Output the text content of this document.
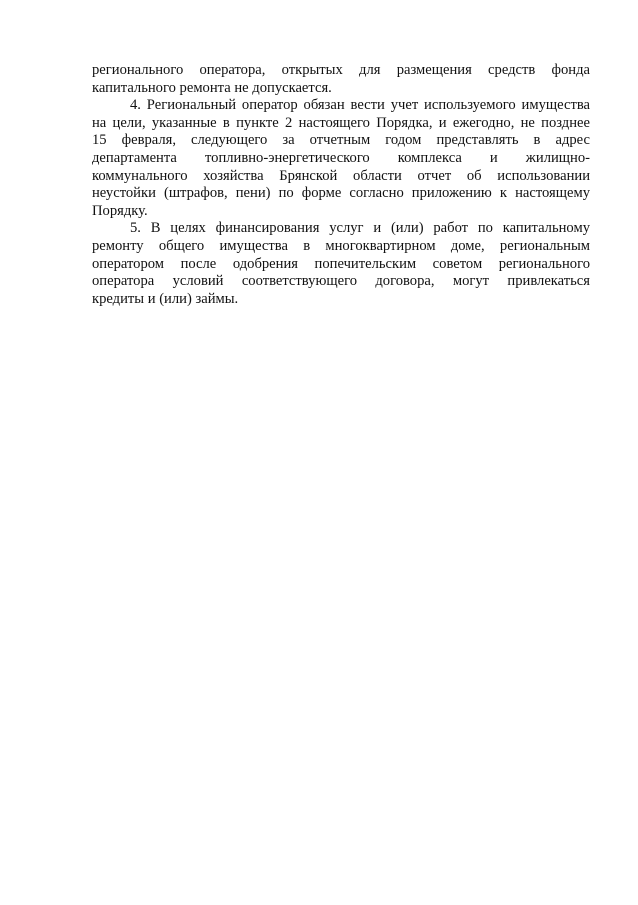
регионального оператора, открытых для размещения средств фонда
капитального ремонта не допускается.

4. Региональный оператор обязан вести учет используемого имущества
на цели, указанные в пункте 2 настоящего Порядка, и ежегодно, не позднее
15 февраля, следующего за отчетным годом представлять в адрес
департамента топливно-энергетического комплекса и жилищно-
коммунального хозяйства Брянской области отчет об использовании
неустойки (штрафов, пени) по форме согласно приложению к настоящему
Порядку.

5. В целях финансирования услуг и (или) работ по капитальному
ремонту общего имущества в многоквартирном доме, региональным
оператором после одобрения попечительским советом регионального
оператора условий соответствующего договора, могут привлекаться
кредиты и (или) займы.
